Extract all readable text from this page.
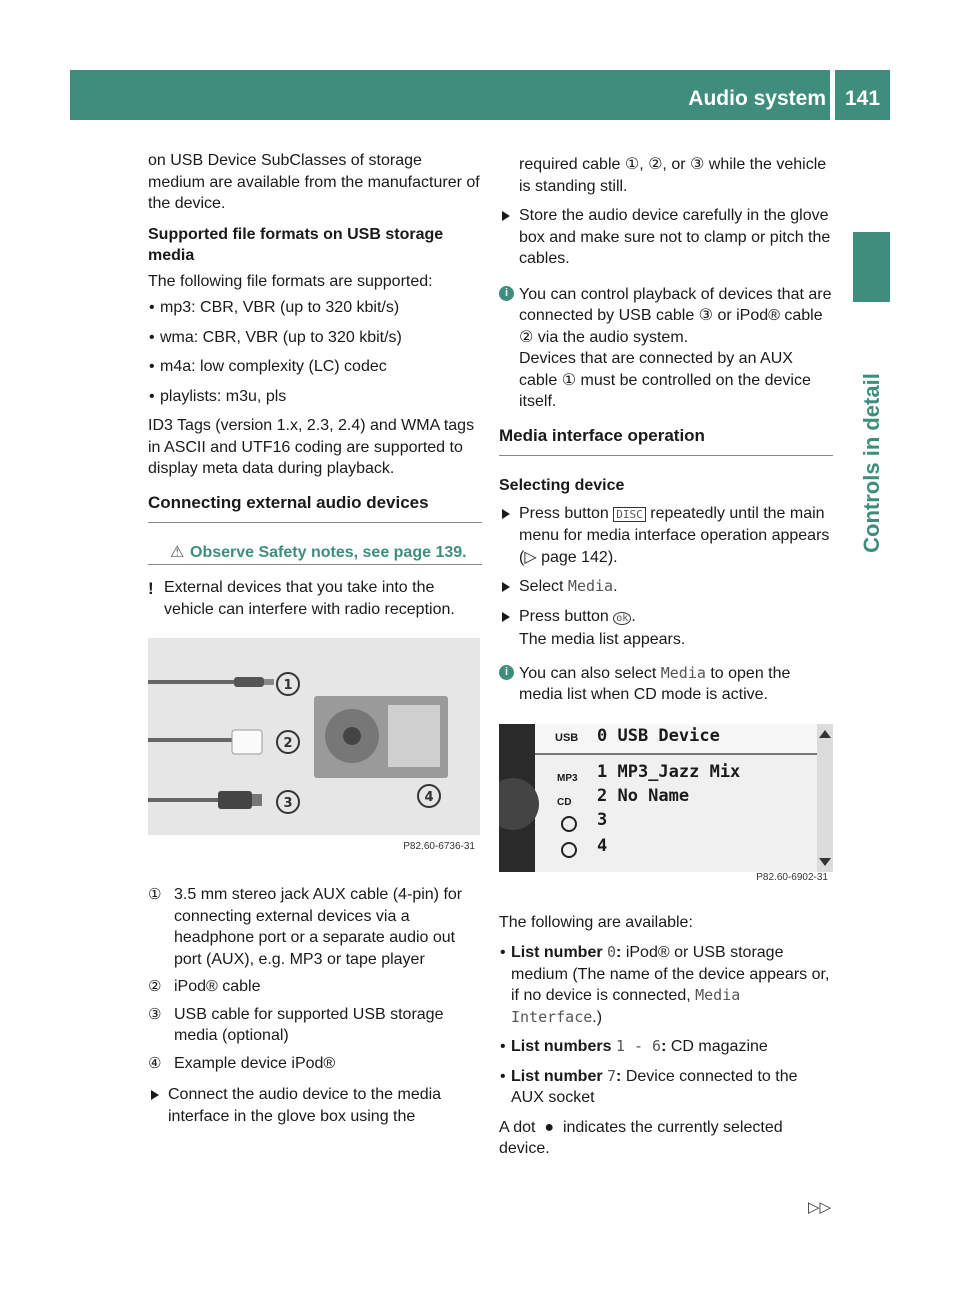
Audio system 141
Controls in detail

on USB Device SubClasses of storage medium are available from the manufacturer of the device.

Supported file formats on USB storage media

The following file formats are supported:

• mp3: CBR, VBR (up to 320 kbit/s)
• wma: CBR, VBR (up to 320 kbit/s)
• m4a: low complexity (LC) codec
• playlists: m3u, pls

ID3 Tags (version 1.x, 2.3, 2.4) and WMA tags in ASCII and UTF16 coding are supported to display meta data during playback.

Connecting external audio devices
⚠ Observe Safety notes, see page 139.
! External devices that you take into the vehicle can interfere with radio reception.
1
2
3	4
P82.60-6736-31
① 3.5 mm stereo jack AUX cable (4-pin) for connecting external devices via a headphone port or a separate audio out port (AUX), e.g. MP3 or tape player
② iPod® cable
③ USB cable for supported USB storage media (optional)
④ Example device iPod®
Connect the audio device to the media interface in the glove box using the
required cable ①, ②, or ③ while the vehicle is standing still.
Store the audio device carefully in the glove box and make sure not to clamp or pitch the cables.
i You can control playback of devices that are connected by USB cable ③ or iPod® cable ② via the audio system.
Devices that are connected by an AUX cable ① must be controlled on the device itself.
Media interface operation

Selecting device

Press button DISC repeatedly until the main menu for media interface operation appears (▷ page 142).
Select Media.
Press button ok .
The media list appears.
i You can also select Media to open the media list when CD mode is active.
USB 0 USB Device
MP3 1 MP3_Jazz Mix
CD 2 No Name
3
4
P82.60-6902-31

The following are available:

• List number 0: iPod® or USB storage medium (The name of the device appears or, if no device is connected, Media Interface.)
• List numbers 1 - 6: CD magazine
• List number 7: Device connected to the AUX socket

A dot  ●  indicates the currently selected device.

▷▷
